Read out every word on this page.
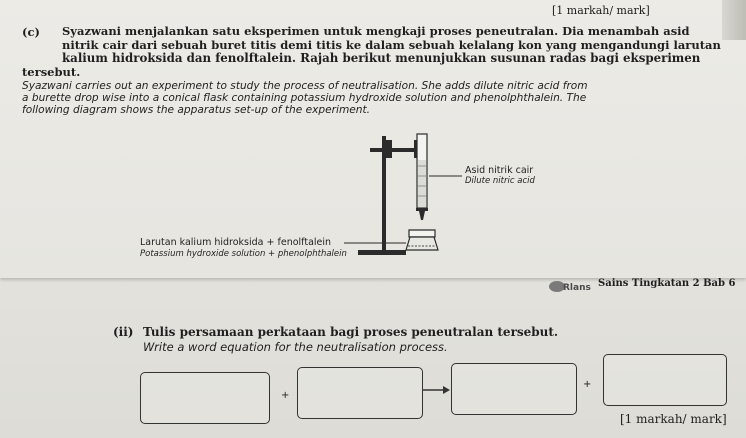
[1 markah/ mark]
(c) Syazwani menjalankan satu eksperimen untuk mengkaji proses peneutralan. Dia menambah asid
nitrik cair dari sebuah buret titis demi titis ke dalam sebuah kelalang kon yang mengandungi larutan
kalium hidroksida dan fenolftalein. Rajah berikut menunjukkan susunan radas bagi eksperimen
tersebut.
Syazwani carries out an experiment to study the process of neutralisation. She adds dilute nitric acid from
a burette drop wise into a conical flask containing potassium hydroxide solution and phenolphthalein. The
following diagram shows the apparatus set-up of the experiment.
Asid nitrik cair
Dilute nitric acid
Larutan kalium hidroksida + fenolftalein
Potassium hydroxide solution + phenolphthalein
Rlans Sains Tingkatan 2 Bab 6
(ii) Tulis persamaan perkataan bagi proses peneutralan tersebut.
Write a word equation for the neutralisation process.
+
+
[1 markah/ mark]
